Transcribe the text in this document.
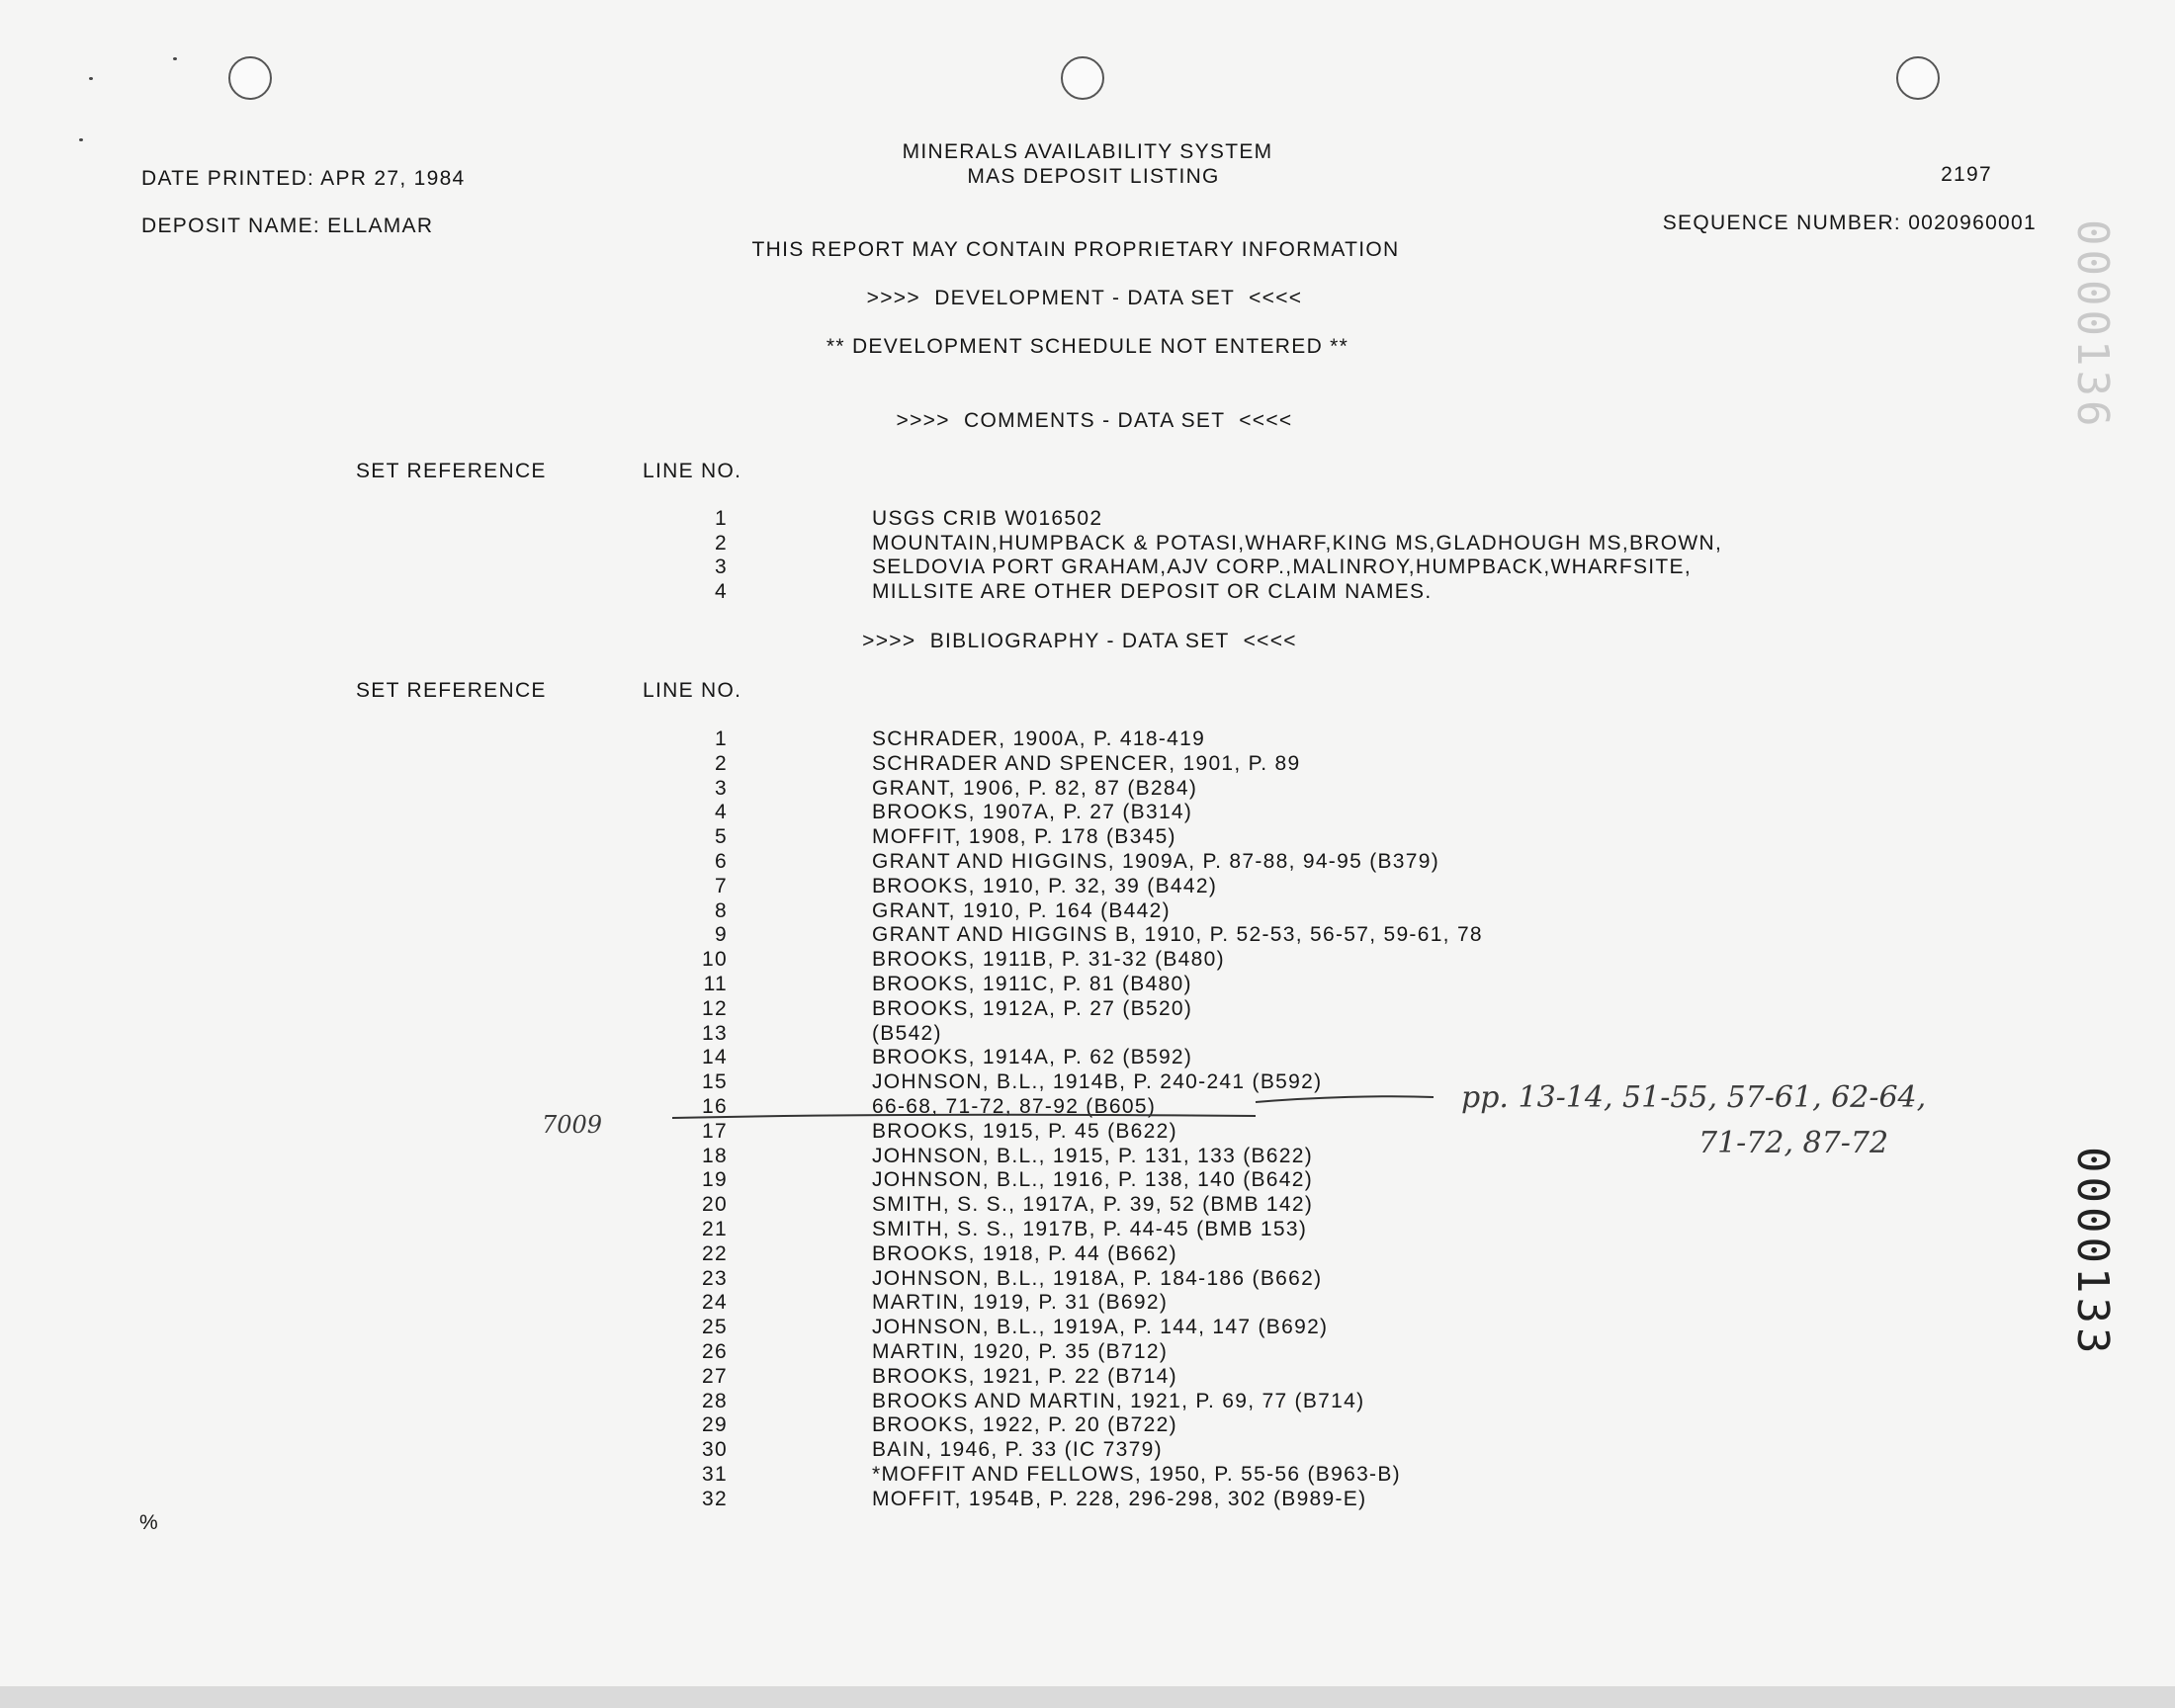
MINERALS AVAILABILITY SYSTEM
MAS DEPOSIT LISTING
DATE PRINTED: APR 27, 1984	2197
DEPOSIT NAME: ELLAMAR	SEQUENCE NUMBER: 0020960001
THIS REPORT MAY CONTAIN PROPRIETARY INFORMATION
>>>>  DEVELOPMENT - DATA SET  <<<<
** DEVELOPMENT SCHEDULE NOT ENTERED **
>>>>  COMMENTS - DATA SET  <<<<
SET REFERENCE	LINE NO.
1	USGS CRIB W016502
2	MOUNTAIN,HUMPBACK & POTASI,WHARF,KING MS,GLADHOUGH MS,BROWN,
3	SELDOVIA PORT GRAHAM,AJV CORP.,MALINROY,HUMPBACK,WHARFSITE,
4	MILLSITE ARE OTHER DEPOSIT OR CLAIM NAMES.
>>>>  BIBLIOGRAPHY - DATA SET  <<<<
SET REFERENCE	LINE NO.
1	SCHRADER, 1900A, P. 418-419
2	SCHRADER AND SPENCER, 1901, P. 89
3	GRANT, 1906, P. 82, 87 (B284)
4	BROOKS, 1907A, P. 27 (B314)
5	MOFFIT, 1908, P. 178 (B345)
6	GRANT AND HIGGINS, 1909A, P. 87-88, 94-95 (B379)
7	BROOKS, 1910, P. 32, 39 (B442)
8	GRANT, 1910, P. 164 (B442)
9	GRANT AND HIGGINS B, 1910, P. 52-53, 56-57, 59-61, 78
10	BROOKS, 1911B, P. 31-32 (B480)
11	BROOKS, 1911C, P. 81 (B480)
12	BROOKS, 1912A, P. 27 (B520)
13	(B542)
14	BROOKS, 1914A, P. 62 (B592)
15	JOHNSON, B.L., 1914B, P. 240-241 (B592)
16	66-68, 71-72, 87-92 (B605)
17	BROOKS, 1915, P. 45 (B622)
18	JOHNSON, B.L., 1915, P. 131, 133 (B622)
19	JOHNSON, B.L., 1916, P. 138, 140 (B642)
20	SMITH, S. S., 1917A, P. 39, 52 (BMB 142)
21	SMITH, S. S., 1917B, P. 44-45 (BMB 153)
22	BROOKS, 1918, P. 44 (B662)
23	JOHNSON, B.L., 1918A, P. 184-186 (B662)
24	MARTIN, 1919, P. 31 (B692)
25	JOHNSON, B.L., 1919A, P. 144, 147 (B692)
26	MARTIN, 1920, P. 35 (B712)
27	BROOKS, 1921, P. 22 (B714)
28	BROOKS AND MARTIN, 1921, P. 69, 77 (B714)
29	BROOKS, 1922, P. 20 (B722)
30	BAIN, 1946, P. 33 (IC 7379)
31	*MOFFIT AND FELLOWS, 1950, P. 55-56 (B963-B)
32	MOFFIT, 1954B, P. 228, 296-298, 302 (B989-E)
7009
pp. 13-14, 51-55, 57-61, 62-64,
71-72, 87-72
0000136
0000133
%
